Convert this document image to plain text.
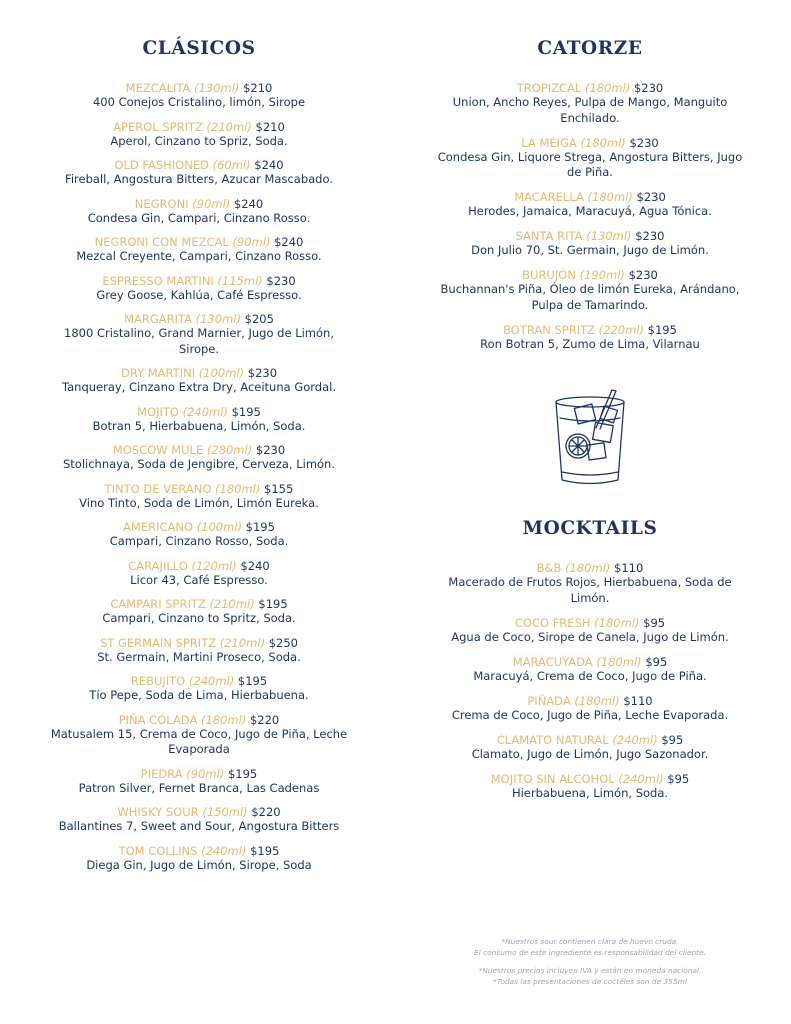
CLÁSICOS
MEZCALITA (130ml) $210
400 Conejos Cristalino, limón, Sirope
APEROL SPRITZ (210ml) $210
Aperol, Cinzano to Spriz, Soda.
OLD FASHIONED (60ml) $240
Fireball, Angostura Bitters, Azucar Mascabado.
NEGRONI (90ml) $240
Condesa Gin, Campari, Cinzano Rosso.
NEGRONI CON MEZCAL (90ml) $240
Mezcal Creyente, Campari, Cinzano Rosso.
ESPRESSO MARTINI (115ml) $230
Grey Goose, Kahlúa, Café Espresso.
MARGARITA (130ml) $205
1800 Cristalino, Grand Marnier, Jugo de Limón, Sirope.
DRY MARTINI (100ml) $230
Tanqueray, Cinzano Extra Dry, Aceituna Gordal.
MOJITO (240ml) $195
Botran 5, Hierbabuena, Limón, Soda.
MOSCOW MULE (280ml) $230
Stolichnaya, Soda de Jengibre, Cerveza, Limón.
TINTO DE VERANO (180ml) $155
Vino Tinto, Soda de Limón, Limón Eureka.
AMERICANO (100ml) $195
Campari, Cinzano Rosso, Soda.
CARAJILLO (120ml) $240
Licor 43, Café Espresso.
CAMPARI SPRITZ (210ml) $195
Campari, Cinzano to Spritz, Soda.
ST GERMAIN SPRITZ (210ml) $250
St. Germain, Martini Proseco, Soda.
REBUJITO (240ml) $195
Tío Pepe, Soda de Lima, Hierbabuena.
PIÑA COLADA (180ml) $220
Matusalem 15, Crema de Coco, Jugo de Piña, Leche Evaporada
PIEDRA (90ml) $195
Patron Silver, Fernet Branca, Las Cadenas
WHISKY SOUR (150ml) $220
Ballantines 7, Sweet and Sour, Angostura Bitters
TOM COLLINS (240ml) $195
Diega Gin, Jugo de Limón, Sirope, Soda
CATORZE
TROPIZCAL (180ml) $230
Union, Ancho Reyes, Pulpa de Mango, Manguito Enchilado.
LA MEIGA (180ml) $230
Condesa Gin, Liquore Strega, Angostura Bitters, Jugo de Piña.
MACARELLA (180ml) $230
Herodes, Jamaica, Maracuyá, Agua Tónica.
SANTA RITA (130ml) $230
Don Julio 70, St. Germain, Jugo de Limón.
BURUJÓN (190ml) $230
Buchannan's Piña, Óleo de limón Eureka, Arándano, Pulpa de Tamarindo.
BOTRAN SPRITZ (220ml) $195
Ron Botran 5, Zumo de Lima, Vilarnau
MOCKTAILS
B&B (180ml) $110
Macerado de Frutos Rojos, Hierbabuena, Soda de Limón.
COCO FRESH (180ml) $95
Agua de Coco, Sirope de Canela, Jugo de Limón.
MARACUYADA (180ml) $95
Maracuyá, Crema de Coco, Jugo de Piña.
PIÑADA (180ml) $110
Crema de Coco, Jugo de Piña, Leche Evaporada.
CLAMATO NATURAL (240ml) $95
Clamato, Jugo de Limón, Jugo Sazonador.
MOJITO SIN ALCOHOL (240ml) $95
Hierbabuena, Limón, Soda.
*Nuestros sour contienen clara de huevo cruda.
El consumo de este ingrediente es responsabilidad del cliente.
*Nuestros precios incluyen IVA y están en moneda nacional.
*Todas las presentaciones de coctéles son de 355ml
